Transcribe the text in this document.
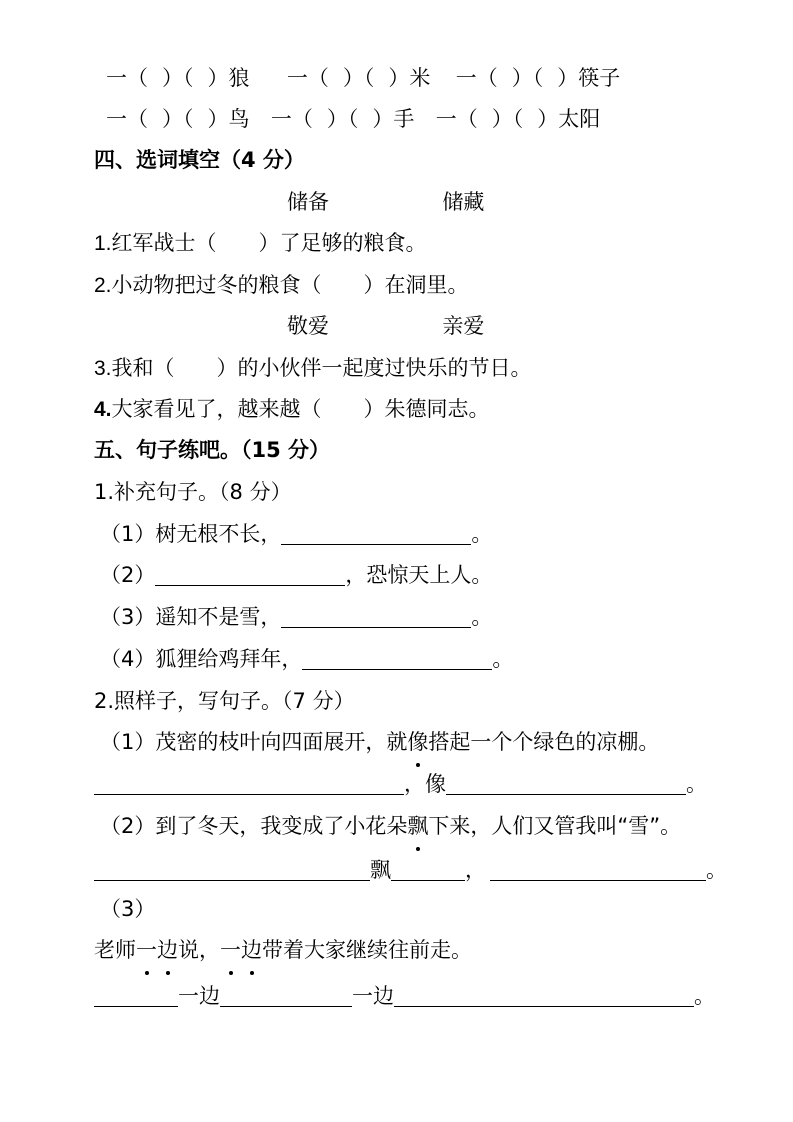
一（ ）（ ）狼 一（ ）（ ）米 一（ ）（ ）筷子
一（ ）（ ）鸟 一（ ）（ ）手 一（ ）（ ）太阳
四、选词填空（4 分）
储备	储藏
1.红军战士（ ）了足够的粮食。
2.小动物把过冬的粮食（ ）在洞里。
敬爱	亲爱
3.我和（ ）的小伙伴一起度过快乐的节日。
4.大家看见了，越来越（ ）朱德同志。
五、句子练吧。（15 分）
1.补充句子。（8 分）
（1）树无根不长，	。
（2）	，恐惊天上人。
（3）遥知不是雪，	。
（4）狐狸给鸡拜年，	。
2.照样子，写句子。（7 分）
（1）茂密的枝叶向四面展开，就像搭起一个个绿色的凉棚。
，像	。
（2）到了冬天，我变成了小花朵飘下来，人们又管我叫“雪”。
飘	，	。
（3）
老师一边说，一边带着大家继续往前走。
一边	一边	。
